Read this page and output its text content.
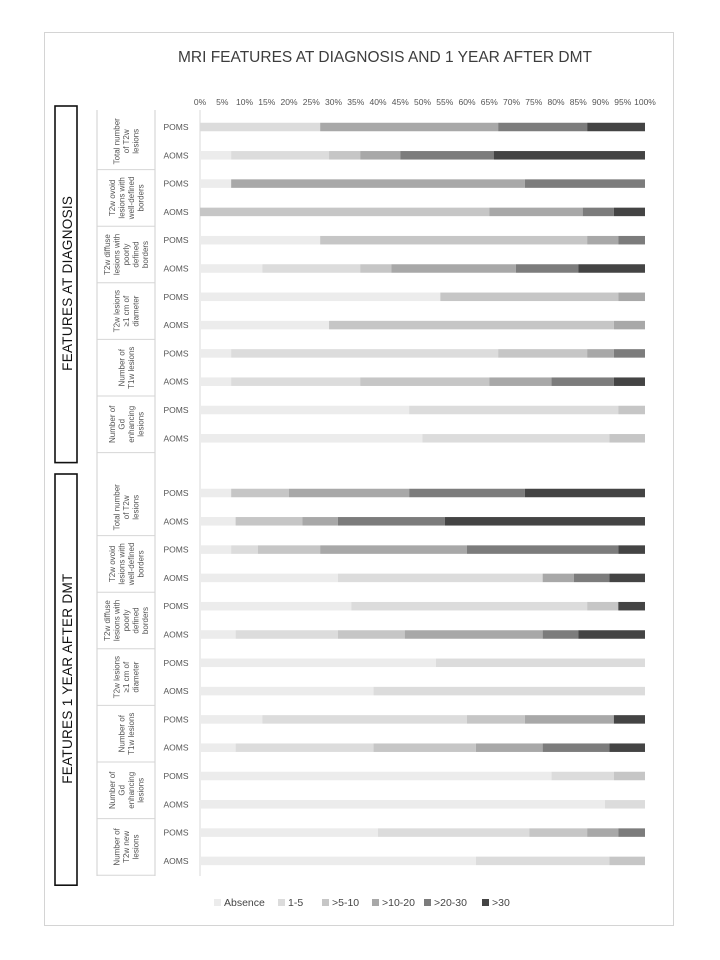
MRI FEATURES AT DIAGNOSIS AND 1 YEAR AFTER DMT
0% 5% 10% 15% 20% 25% 30% 35% 40% 45% 50% 55% 60% 65% 70% 75% 80% 85% 90% 95% 100%
FEATURES AT DIAGNOSIS
Total numberof T2wlesions
POMS
AOMS
T2w ovoidlesions withwell-definedborders
POMS
AOMS
T2w diffuselesions withpoorlydefinedborders
POMS
AOMS
T2w lesions≥1 cm ofdiameter	POMS
AOMS
Number ofT1w lesions	POMS
AOMS
Number ofGdenhancinglesions
POMS
AOMS
FEATURES 1 YEAR AFTER DMT
Total numberof T2wlesions
POMS
AOMS
T2w ovoidlesions withwell-definedborders
POMS
AOMS
T2w diffuselesions withpoorlydefinedborders
POMS
AOMS
T2w lesions≥1 cm ofdiameter	POMS
AOMS
Number ofT1w lesions	POMS
AOMS
Number ofGdenhancinglesions
POMS
AOMS
Number ofT2w newlesions
POMS
AOMS
Absence 1-5	>5-10 >10-20 >20-30 >30
